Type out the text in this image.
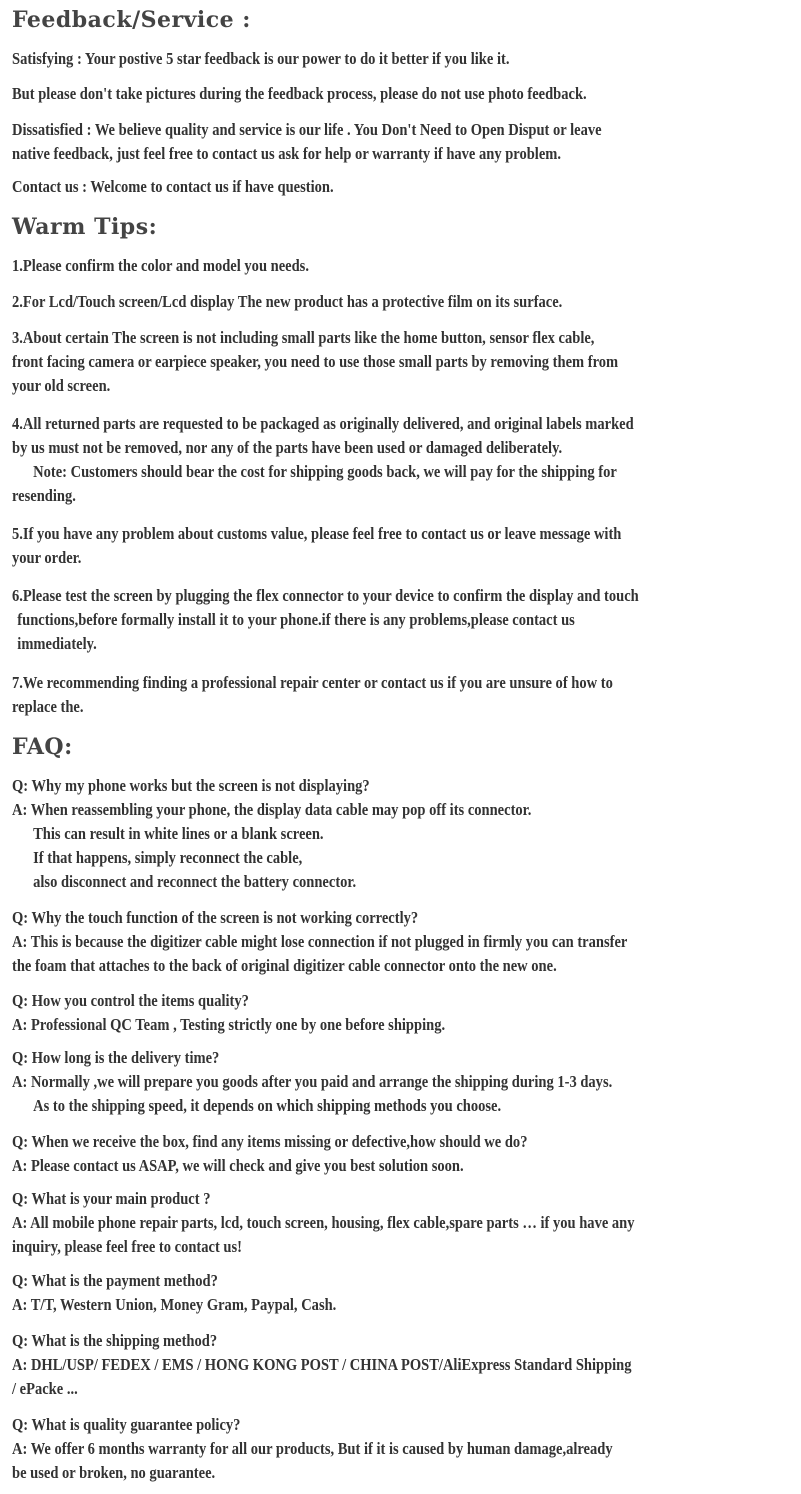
Feedback/Service :
Satisfying : Your postive 5 star feedback is our power to do it better if you like it.
But please don't take pictures during the feedback process, please do not use photo feedback.
Dissatisfied : We believe quality and service is our life . You Don't Need to Open Disput or leave
native feedback, just feel free to contact us ask for help or warranty if have any problem.
Contact us : Welcome to contact us if have question.
Warm Tips:
1.Please confirm the color and model you needs.
2.For Lcd/Touch screen/Lcd display The new product has a protective film on its surface.
3.About certain The screen is not including small parts like the home button, sensor flex cable,
front facing camera or earpiece speaker, you need to use those small parts by removing them from
your old screen.
4.All returned parts are requested to be packaged as originally delivered, and original labels marked
by us must not be removed, nor any of the parts have been used or damaged deliberately.
Note: Customers should bear the cost for shipping goods back, we will pay for the shipping for
resending.
5.If you have any problem about customs value, please feel free to contact us or leave message with
your order.
6.Please test the screen by plugging the flex connector to your device to confirm the display and touch
functions,before formally install it to your phone.if there is any problems,please contact us
immediately.
7.We recommending finding a professional repair center or contact us if you are unsure of how to
replace the.
FAQ:
Q: Why my phone works but the screen is not displaying?
A: When reassembling your phone, the display data cable may pop off its connector.
This can result in white lines or a blank screen.
If that happens, simply reconnect the cable,
also disconnect and reconnect the battery connector.
Q: Why the touch function of the screen is not working correctly?
A: This is because the digitizer cable might lose connection if not plugged in firmly you can transfer
the foam that attaches to the back of original digitizer cable connector onto the new one.
Q: How you control the items quality?
A: Professional QC Team , Testing strictly one by one before shipping.
Q: How long is the delivery time?
A: Normally ,we will prepare you goods after you paid and arrange the shipping during 1-3 days.
As to the shipping speed, it depends on which shipping methods you choose.
Q: When we receive the box, find any items missing or defective,how should we do?
A: Please contact us ASAP, we will check and give you best solution soon.
Q: What is your main product ?
A: All mobile phone repair parts, lcd, touch screen, housing, flex cable,spare parts … if you have any
inquiry, please feel free to contact us!
Q: What is the payment method?
A: T/T, Western Union, Money Gram, Paypal, Cash.
Q: What is the shipping method?
A: DHL/USP/ FEDEX / EMS / HONG KONG POST / CHINA POST/AliExpress Standard Shipping
/ ePacke ...
Q: What is quality guarantee policy?
A: We offer 6 months warranty for all our products, But if it is caused by human damage,already
be used or broken, no guarantee.
